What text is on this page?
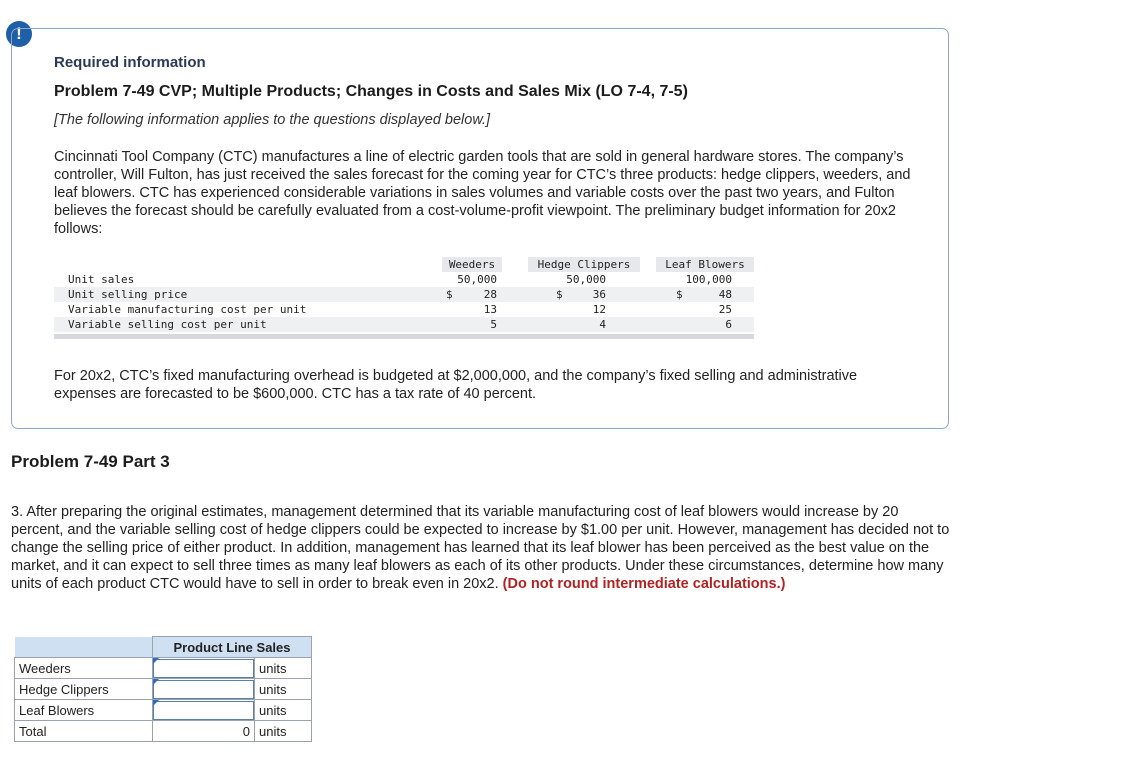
!
Required information
Problem 7-49 CVP; Multiple Products; Changes in Costs and Sales Mix (LO 7-4, 7-5)
[The following information applies to the questions displayed below.]
Cincinnati Tool Company (CTC) manufactures a line of electric garden tools that are sold in general hardware stores. The company’s controller, Will Fulton, has just received the sales forecast for the coming year for CTC’s three products: hedge clippers, weeders, and leaf blowers. CTC has experienced considerable variations in sales volumes and variable costs over the past two years, and Fulton believes the forecast should be carefully evaluated from a cost-volume-profit viewpoint. The preliminary budget information for 20x2 follows:
Weeders	Hedge Clippers	Leaf Blowers
Unit sales	50,000	50,000	100,000
Unit selling price	$	28	$	36	$	48
Variable manufacturing cost per unit	13	12	25
Variable selling cost per unit	5	4	6
For 20x2, CTC’s fixed manufacturing overhead is budgeted at $2,000,000, and the company’s fixed selling and administrative expenses are forecasted to be $600,000. CTC has a tax rate of 40 percent.
Problem 7-49 Part 3
3. After preparing the original estimates, management determined that its variable manufacturing cost of leaf blowers would increase by 20 percent, and the variable selling cost of hedge clippers could be expected to increase by $1.00 per unit. However, management has decided not to change the selling price of either product. In addition, management has learned that its leaf blower has been perceived as the best value on the market, and it can expect to sell three times as many leaf blowers as each of its other products. Under these circumstances, determine how many units of each product CTC would have to sell in order to break even in 20x2. (Do not round intermediate calculations.)
	Product Line Sales	
Weeders		units
Hedge Clippers		units
Leaf Blowers		units
Total	0	units
